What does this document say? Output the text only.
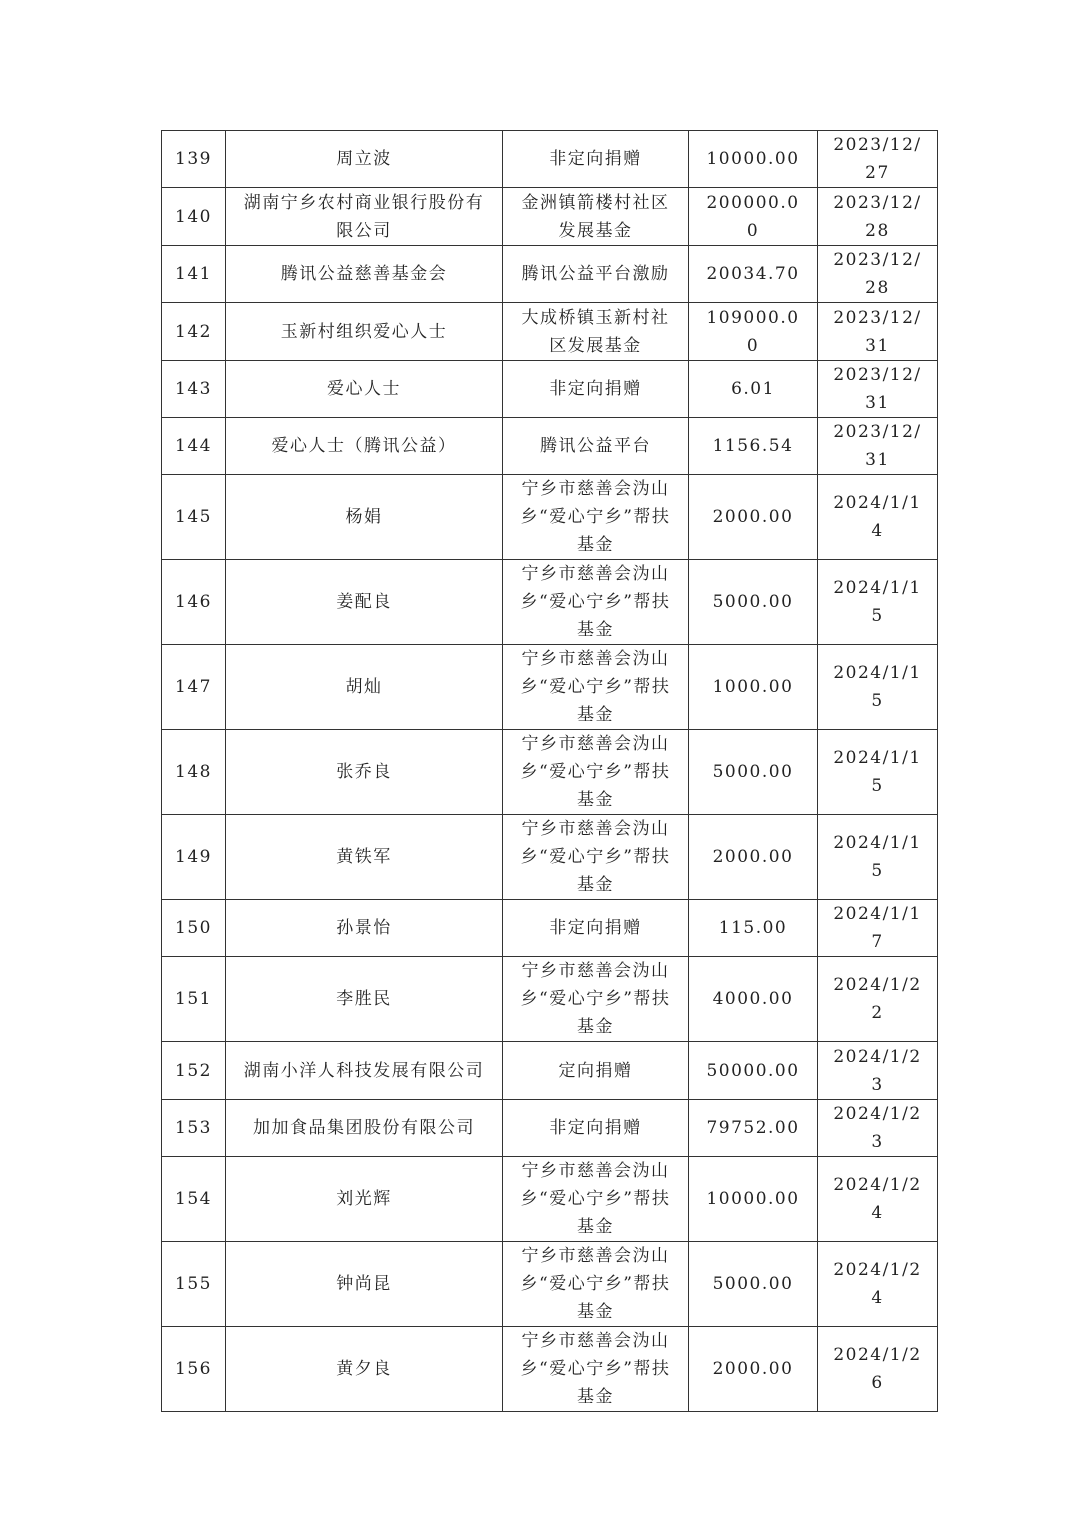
139	周立波	非定向捐赠	10000.00	2023/12/27
140	湖南宁乡农村商业银行股份有限公司	金洲镇箭楼村社区发展基金	200000.00	2023/12/28
141	腾讯公益慈善基金会	腾讯公益平台激励	20034.70	2023/12/28
142	玉新村组织爱心人士	大成桥镇玉新村社区发展基金	109000.00	2023/12/31
143	爱心人士	非定向捐赠	6.01	2023/12/31
144	爱心人士（腾讯公益）	腾讯公益平台	1156.54	2023/12/31
145	杨娟	宁乡市慈善会沩山乡“爱心宁乡”帮扶基金	2000.00	2024/1/14
146	姜配良	宁乡市慈善会沩山乡“爱心宁乡”帮扶基金	5000.00	2024/1/15
147	胡灿	宁乡市慈善会沩山乡“爱心宁乡”帮扶基金	1000.00	2024/1/15
148	张乔良	宁乡市慈善会沩山乡“爱心宁乡”帮扶基金	5000.00	2024/1/15
149	黄铁军	宁乡市慈善会沩山乡“爱心宁乡”帮扶基金	2000.00	2024/1/15
150	孙景怡	非定向捐赠	115.00	2024/1/17
151	李胜民	宁乡市慈善会沩山乡“爱心宁乡”帮扶基金	4000.00	2024/1/22
152	湖南小洋人科技发展有限公司	定向捐赠	50000.00	2024/1/23
153	加加食品集团股份有限公司	非定向捐赠	79752.00	2024/1/23
154	刘光辉	宁乡市慈善会沩山乡“爱心宁乡”帮扶基金	10000.00	2024/1/24
155	钟尚昆	宁乡市慈善会沩山乡“爱心宁乡”帮扶基金	5000.00	2024/1/24
156	黄夕良	宁乡市慈善会沩山乡“爱心宁乡”帮扶基金	2000.00	2024/1/26
